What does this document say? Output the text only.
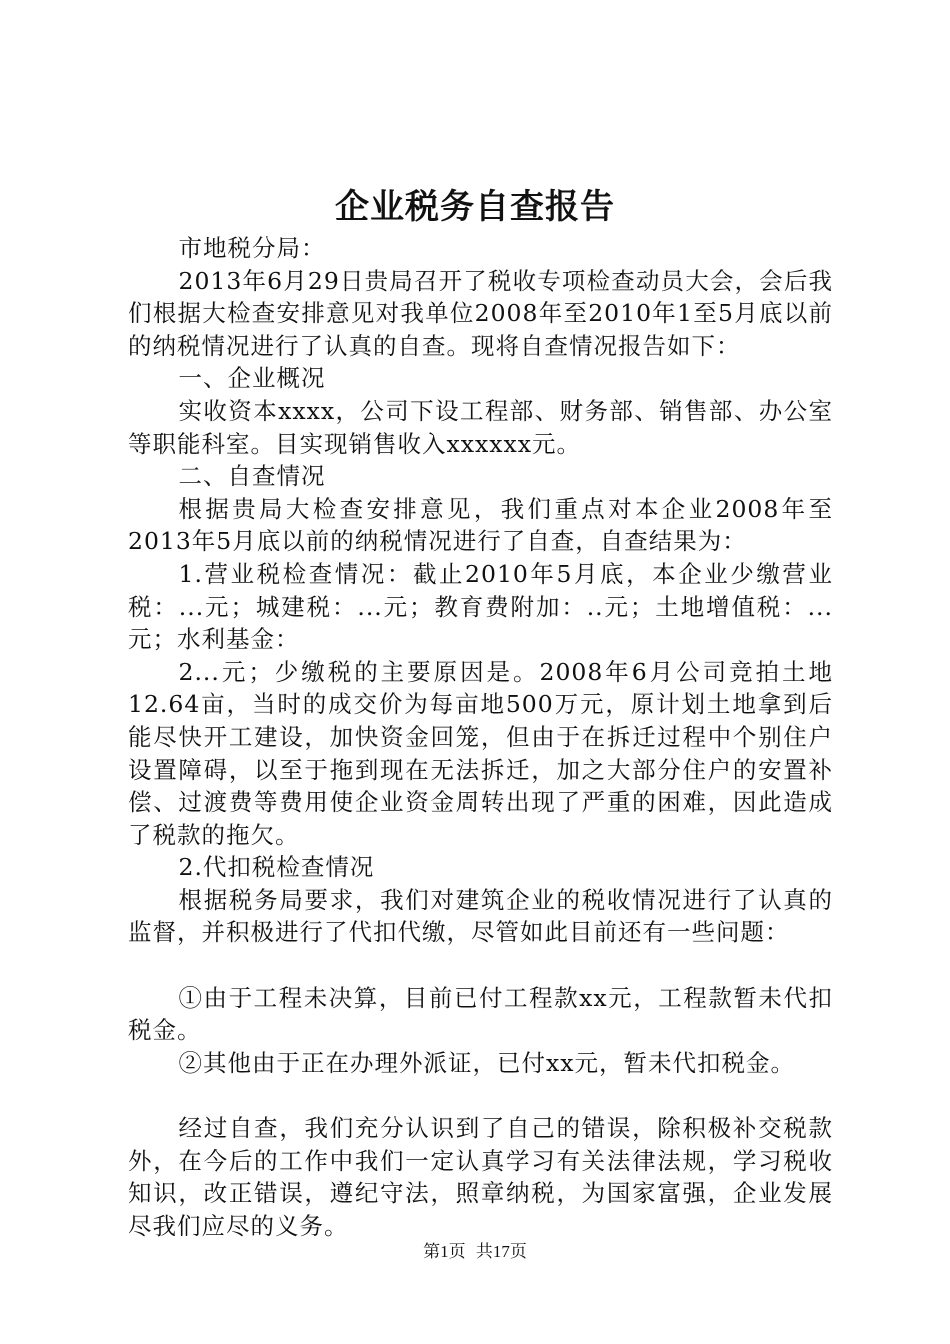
企业税务自查报告

市地税分局：

2013年6月29日贵局召开了税收专项检查动员大会，会后我们根据大检查安排意见对我单位2008年至2010年1至5月底以前的纳税情况进行了认真的自查。现将自查情况报告如下：

一、企业概况

实收资本xxxx，公司下设工程部、财务部、销售部、办公室等职能科室。目实现销售收入xxxxxx元。

二、自查情况

根据贵局大检查安排意见，我们重点对本企业2008年至2013年5月底以前的纳税情况进行了自查，自查结果为：

1.营业税检查情况：截止2010年5月底，本企业少缴营业税：...元；城建税：...元；教育费附加：..元；土地增值税：...元；水利基金：

2...元；少缴税的主要原因是。2008年6月公司竞拍土地12.64亩，当时的成交价为每亩地500万元，原计划土地拿到后能尽快开工建设，加快资金回笼，但由于在拆迁过程中个别住户设置障碍，以至于拖到现在无法拆迁，加之大部分住户的安置补偿、过渡费等费用使企业资金周转出现了严重的困难，因此造成了税款的拖欠。

2.代扣税检查情况

根据税务局要求，我们对建筑企业的税收情况进行了认真的监督，并积极进行了代扣代缴，尽管如此目前还有一些问题：

①由于工程未决算，目前已付工程款xx元，工程款暂未代扣税金。

②其他由于正在办理外派证，已付xx元，暂未代扣税金。

经过自查，我们充分认识到了自己的错误，除积极补交税款外，在今后的工作中我们一定认真学习有关法律法规，学习税收知识，改正错误，遵纪守法，照章纳税，为国家富强，企业发展尽我们应尽的义务。

第1页 共17页
